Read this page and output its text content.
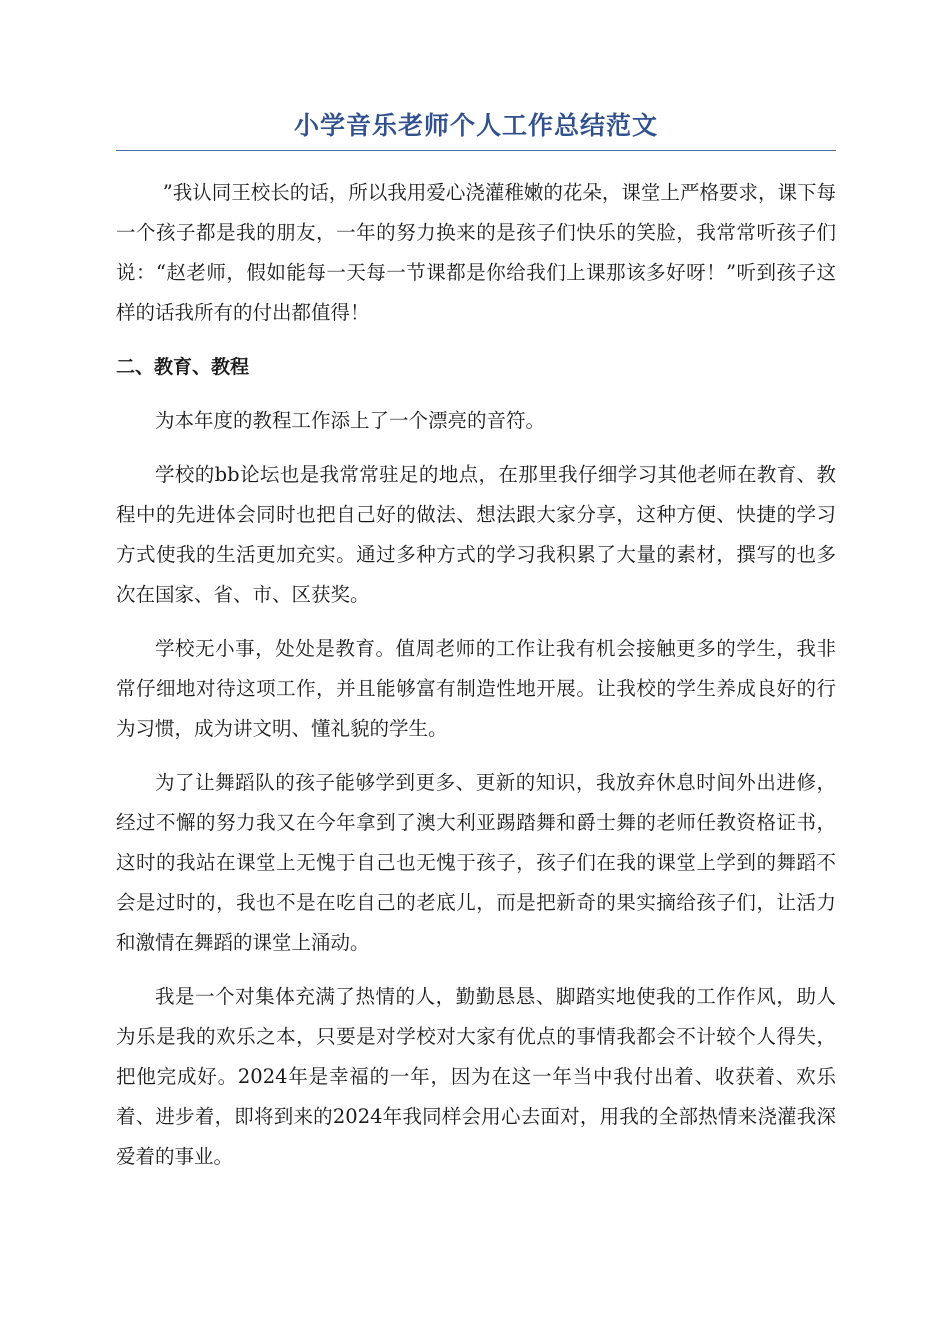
小学音乐老师个人工作总结范文

”我认同王校长的话，所以我用爱心浇灌稚嫩的花朵，课堂上严格要求，课下每一个孩子都是我的朋友，一年的努力换来的是孩子们快乐的笑脸，我常常听孩子们说：“赵老师，假如能每一天每一节课都是你给我们上课那该多好呀！”听到孩子这样的话我所有的付出都值得！

二、教育、教程

为本年度的教程工作添上了一个漂亮的音符。

学校的bb论坛也是我常常驻足的地点，在那里我仔细学习其他老师在教育、教程中的先进体会同时也把自己好的做法、想法跟大家分享，这种方便、快捷的学习方式使我的生活更加充实。通过多种方式的学习我积累了大量的素材，撰写的也多次在国家、省、市、区获奖。

学校无小事，处处是教育。值周老师的工作让我有机会接触更多的学生，我非常仔细地对待这项工作，并且能够富有制造性地开展。让我校的学生养成良好的行为习惯，成为讲文明、懂礼貌的学生。

为了让舞蹈队的孩子能够学到更多、更新的知识，我放弃休息时间外出进修，经过不懈的努力我又在今年拿到了澳大利亚踢踏舞和爵士舞的老师任教资格证书，这时的我站在课堂上无愧于自己也无愧于孩子，孩子们在我的课堂上学到的舞蹈不会是过时的，我也不是在吃自己的老底儿，而是把新奇的果实摘给孩子们，让活力和激情在舞蹈的课堂上涌动。

我是一个对集体充满了热情的人，勤勤恳恳、脚踏实地使我的工作作风，助人为乐是我的欢乐之本，只要是对学校对大家有优点的事情我都会不计较个人得失，把他完成好。2024年是幸福的一年，因为在这一年当中我付出着、收获着、欢乐着、进步着，即将到来的2024年我同样会用心去面对，用我的全部热情来浇灌我深爱着的事业。
